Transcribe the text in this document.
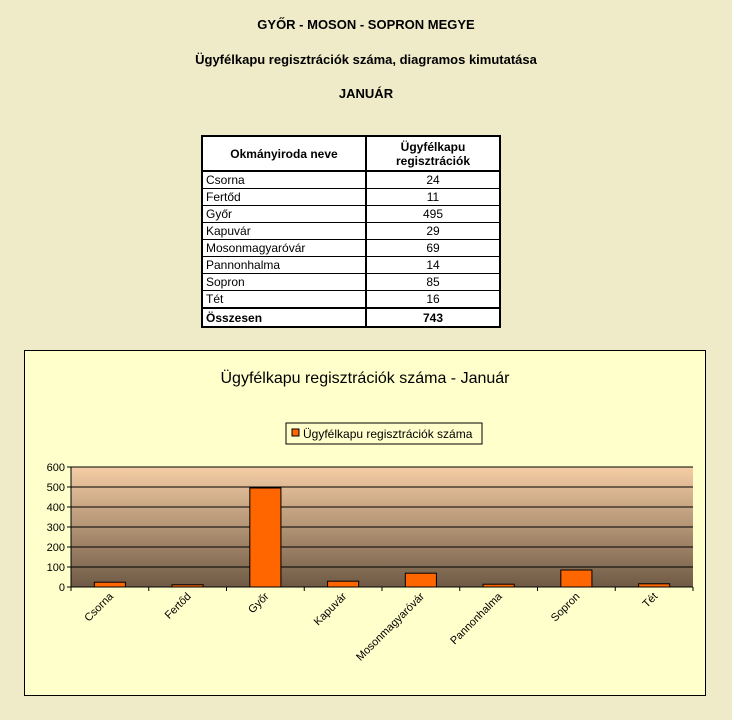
GYŐR - MOSON - SOPRON MEGYE
Ügyfélkapu regisztrációk száma, diagramos kimutatása
JANUÁR
Okmányiroda neve	Ügyfélkapu
regisztrációk
Csorna	24
Fertőd	11
Győr	495
Kapuvár	29
Mosonmagyaróvár	69
Pannonhalma	14
Sopron	85
Tét	16
Összesen	743
Ügyfélkapu regisztrációk száma - Január
Ügyfélkapu regisztrációk száma
0
100
200
300
400
500
600
Csorna	Fertőd	Győr	Kapuvár Mosonmagyaróvár Pannonhalma	Sopron	Tét
